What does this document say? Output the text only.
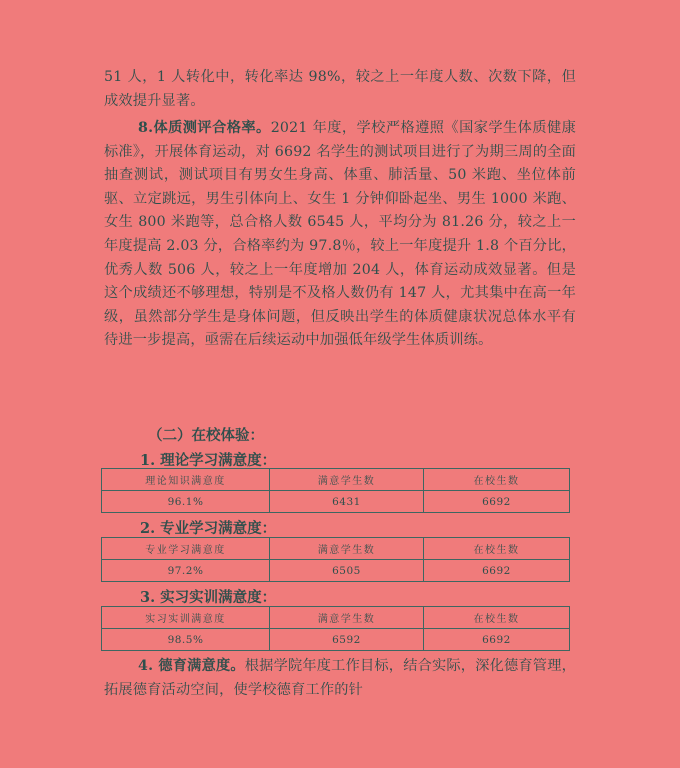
51 人，1 人转化中，转化率达 98%，较之上一年度人数、次数下降，但成效提升显著。
8.体质测评合格率。2021 年度，学校严格遵照《国家学生体质健康标准》，开展体育运动，对 6692 名学生的测试项目进行了为期三周的全面抽查测试，测试项目有男女生身高、体重、肺活量、50 米跑、坐位体前驱、立定跳远，男生引体向上、女生 1 分钟仰卧起坐、男生 1000 米跑、女生 800 米跑等，总合格人数 6545 人，平均分为 81.26 分，较之上一年度提高 2.03 分，合格率约为 97.8％，较上一年度提升 1.8 个百分比，优秀人数 506 人，较之上一年度增加 204 人，体育运动成效显著。但是这个成绩还不够理想，特别是不及格人数仍有 147 人，尤其集中在高一年级，虽然部分学生是身体问题，但反映出学生的体质健康状况总体水平有待进一步提高，亟需在后续运动中加强低年级学生体质训练。
（二）在校体验：
1. 理论学习满意度：
理论知识满意度	满意学生数	在校生数
96.1%	6431	6692
2. 专业学习满意度：
专业学习满意度	满意学生数	在校生数
97.2%	6505	6692
3. 实习实训满意度：
实习实训满意度	满意学生数	在校生数
98.5%	6592	6692
4. 德育满意度。根据学院年度工作目标，结合实际，深化德育管理，拓展德育活动空间，使学校德育工作的针
